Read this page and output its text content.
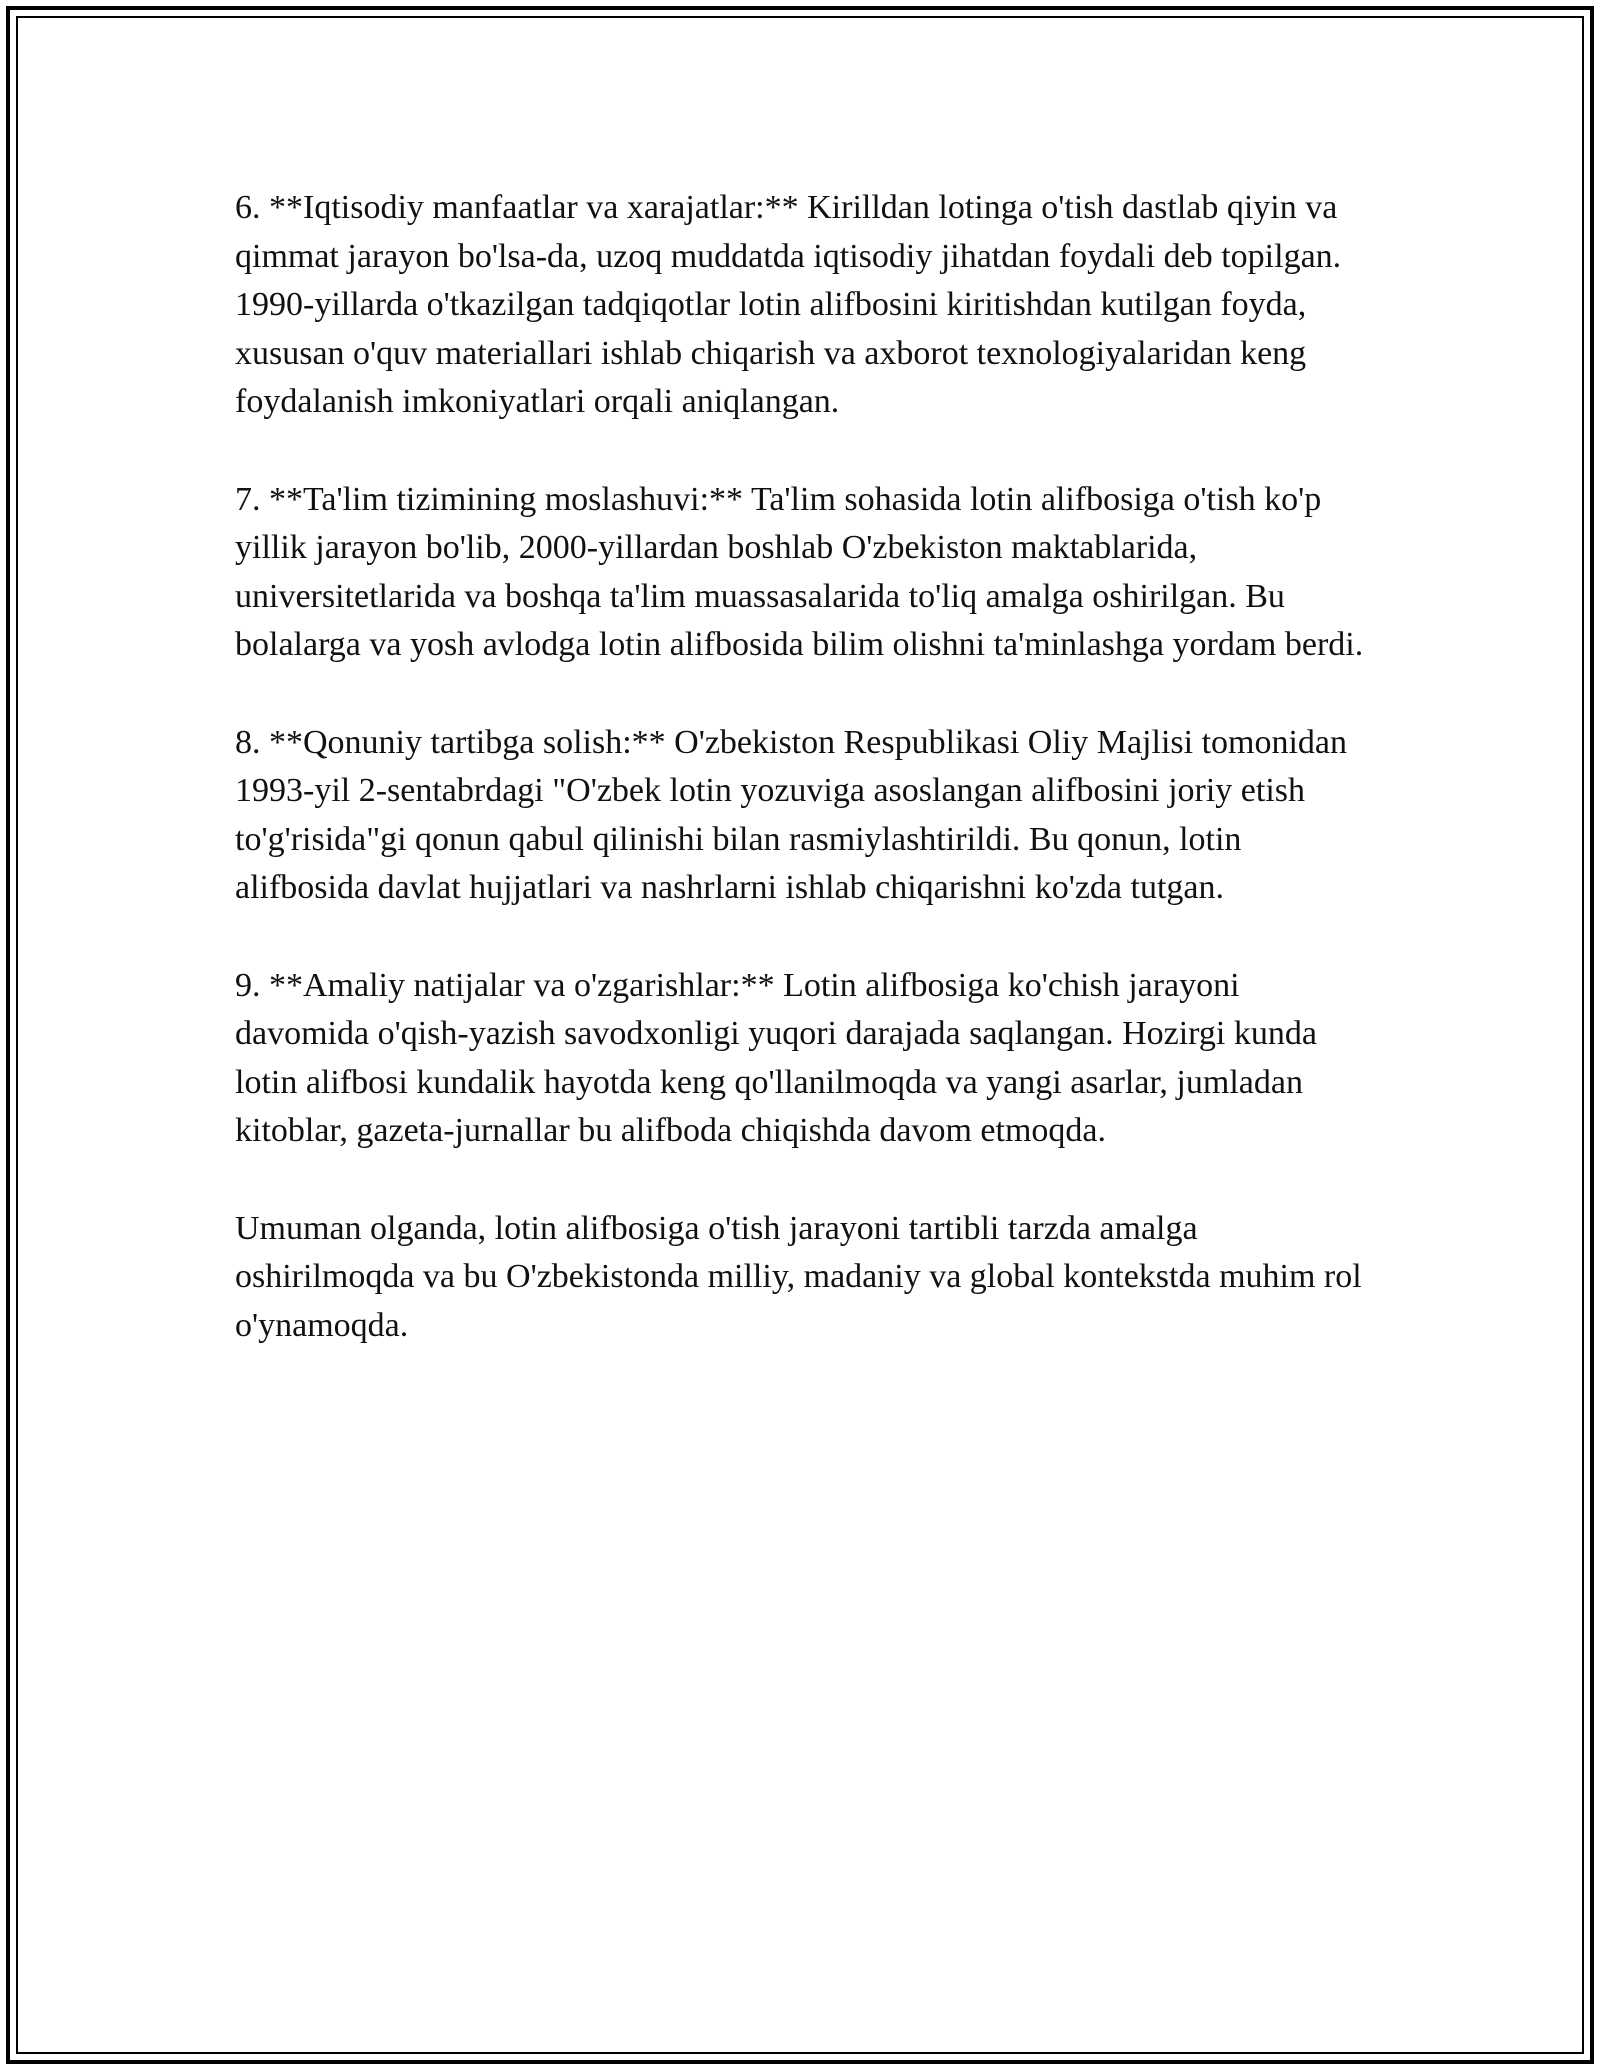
6. **Iqtisodiy manfaatlar va xarajatlar:** Kirilldan lotinga o'tish dastlab qiyin va qimmat jarayon bo'lsa-da, uzoq muddatda iqtisodiy jihatdan foydali deb topilgan. 1990-yillarda o'tkazilgan tadqiqotlar lotin alifbosini kiritishdan kutilgan foyda, xususan o'quv materiallari ishlab chiqarish va axborot texnologiyalaridan keng foydalanish imkoniyatlari orqali aniqlangan.

7. **Ta'lim tizimining moslashuvi:** Ta'lim sohasida lotin alifbosiga o'tish ko'p yillik jarayon bo'lib, 2000-yillardan boshlab O'zbekiston maktablarida, universitetlarida va boshqa ta'lim muassasalarida to'liq amalga oshirilgan. Bu bolalarga va yosh avlodga lotin alifbosida bilim olishni ta'minlashga yordam berdi.

8. **Qonuniy tartibga solish:** O'zbekiston Respublikasi Oliy Majlisi tomonidan 1993-yil 2-sentabrdagi "O'zbek lotin yozuviga asoslangan alifbosini joriy etish to'g'risida"gi qonun qabul qilinishi bilan rasmiylashtirildi. Bu qonun, lotin alifbosida davlat hujjatlari va nashrlarni ishlab chiqarishni ko'zda tutgan.

9. **Amaliy natijalar va o'zgarishlar:** Lotin alifbosiga ko'chish jarayoni davomida o'qish-yazish savodxonligi yuqori darajada saqlangan. Hozirgi kunda lotin alifbosi kundalik hayotda keng qo'llanilmoqda va yangi asarlar, jumladan kitoblar, gazeta-jurnallar bu alifboda chiqishda davom etmoqda.

Umuman olganda, lotin alifbosiga o'tish jarayoni tartibli tarzda amalga oshirilmoqda va bu O'zbekistonda milliy, madaniy va global kontekstda muhim rol o'ynamoqda.
